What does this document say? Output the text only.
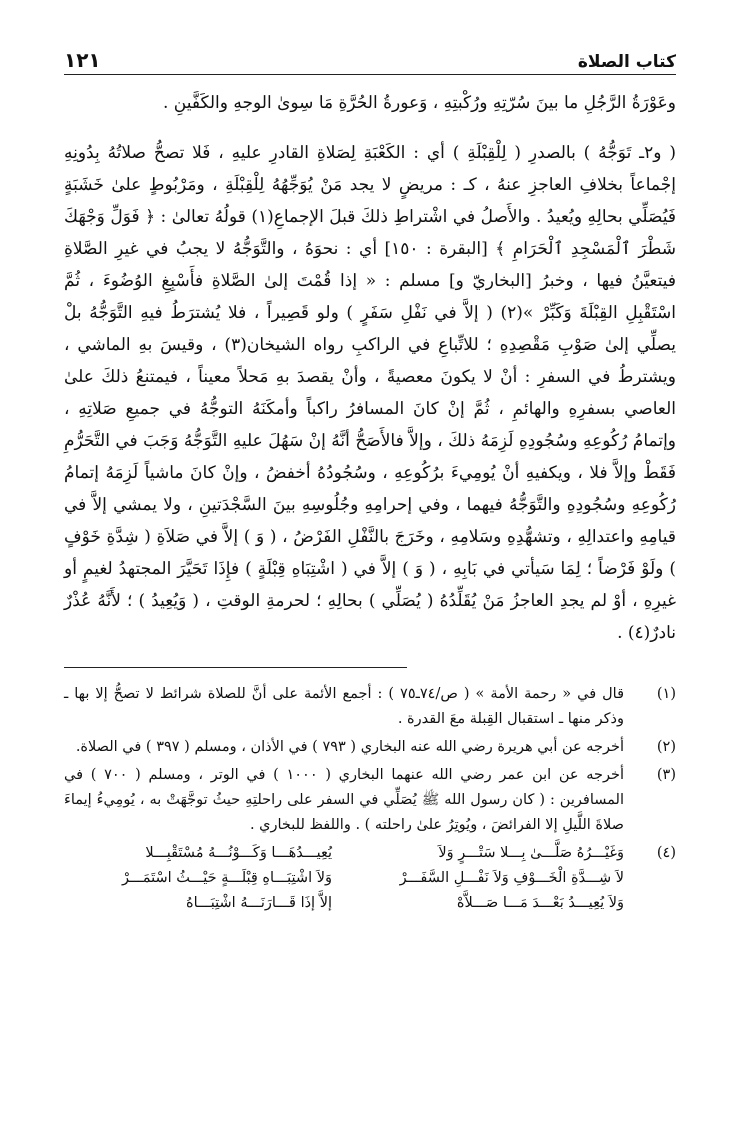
كتاب الصلاة
١٢١

وعَوْرَةُ الرَّجُلِ ما بينَ سُرّتِهِ ورُكْبتِهِ ، وَعورةُ الحُرَّةِ مَا سِوىٰ الوجهِ والكَفَّينِ .

( و٢ـ تَوَجُّهُ ) بالصدرِ ( لِلْقِبْلَةِ ) أي : الكَعْبَةِ لِصَلاةِ القادرِ عليهِ ، فَلا تصحُّ صلاتُهُ بِدُونِهِ إجْماعاً بخلافِ العاجزِ عنهُ ، كـ : مريضٍ لا يجد مَنْ يُوَجِّهُهُ لِلْقِبْلَةِ ، ومَرْبُوطٍ علىٰ خَشَبَةٍ فَيُصَلِّي بحالِهِ ويُعيدُ . والأَصلُ في اشْتراطِ ذلكَ قبلَ الإجماعِ(١) قولُهُ تعالىٰ : ﴿ فَوَلِّ وَجْهَكَ شَطْرَ ٱلْمَسْجِدِ ٱلْحَرَامِ ﴾ [البقرة : ١٥٠] أي : نحوَهُ ، والتَّوَجُّهُ لا يجبُ في غيرِ الصَّلاةِ فيتعيَّنُ فيها ، وخبرُ [البخاريّ و] مسلم : « إذا قُمْتَ إلىٰ الصَّلاةِ فأَسْبِغِ الوُضُوءَ ، ثُمَّ اسْتَقْبِلِ القِبْلَةَ وَكَبِّرْ »(٢) ( إلاَّ في نَفْلِ سَفَرٍ ) ولو قَصِيراً ، فلا يُشترَطُ فيهِ التَّوَجُّهُ بلْ يصلِّي إلىٰ صَوْبِ مَقْصِدِهِ ؛ للاتِّباعِ في الراكبِ رواه الشيخان(٣) ، وقيسَ بهِ الماشي ، ويشترطُ في السفرِ : أنْ لا يكونَ معصيةً ، وأنْ يقصدَ بهِ مَحلاً معيناً ، فيمتنعُ ذلكَ علىٰ العاصي بسفرِهِ والهائمِ ، ثُمَّ إنْ كانَ المسافرُ راكباً وأمكَنَهُ التوجُّهُ في جميعِ صَلاتِهِ ، وإتمامُ رُكُوعِهِ وسُجُودِهِ لَزِمَهُ ذلكَ ، وإلاَّ فالأَصَحُّ أنَّهُ إنْ سَهُلَ عليهِ التَّوَجُّهُ وَجَبَ في التَّحَرُّمِ فَقَطْ وإلاَّ فلا ، ويكفيهِ أنْ يُومِيءَ برُكُوعِهِ ، وسُجُودُهُ أخفضُ ، وإنْ كانَ ماشياً لَزِمَهُ إتمامُ رُكُوعِهِ وسُجُودِهِ والتَّوَجُّهُ فيهما ، وفي إحرامِهِ وجُلُوسِهِ بينَ السَّجْدَتينِ ، ولا يمشي إلاَّ في قيامِهِ واعتدالِهِ ، وتشهُّدِهِ وسَلامِهِ ، وخَرَجَ بالنَّفْلِ الفَرْضُ ، ( وَ ) إلاَّ في صَلاَةِ ( شِدَّةِ خَوْفٍ ) ولَوْ فَرْضاً ؛ لِمَا سَيأتي في بَابِهِ ، ( وَ ) إلاَّ في ( اشْتِبَاهِ قِبْلَةٍ ) فإِذَا تَحَيَّرَ المجتهدُ لغيمٍ أو غيرِهِ ، أوْ لم يجدِ العاجزُ مَنْ يُقَلِّدُهُ ( يُصَلِّي ) بحالِهِ ؛ لحرمةِ الوقتِ ، ( وَيُعِيدُ ) ؛ لأَنَّهُ عُذْرٌ نادرٌ(٤) .

(١)
قال في « رحمة الأمة » ( ص/٧٤ـ٧٥ ) : أجمع الأئمة على أنَّ للصلاة شرائط لا تصحُّ إلا بها ـ وذكر منها ـ استقبال القِبلة معَ القدرة .
(٢)
أخرجه عن أبي هريرة رضي الله عنه البخاري ( ٧٩٣ ) في الأذان ، ومسلم ( ٣٩٧ ) في الصلاة.
(٣)
أخرجه عن ابن عمر رضي الله عنهما البخاري ( ١٠٠٠ ) في الوتر ، ومسلم ( ٧٠٠ ) في المسافرين : ( كان رسول الله ﷺ يُصَلِّي في السفر على راحلتِهِ حيثُ توجَّهَتْ به ، يُومِيءُ إيماءَ صلاةَ اللَّيلِ إلا الفرائضَ ، ويُوتِرُ علىٰ راحلته ) . واللفظ للبخاري .
(٤)
وَغَيْـــرُهُ صَلَّـــىٰ بِـــلا سَتْـــرٍ وَلاَ
يُعِيـــدُهَـــا وَكَـــوْنُـــهُ مُسْتَقْبِـــلا
لاَ شِـــدَّةِ الْخَـــوْفِ وَلاَ نَفْـــلِ السَّفَـــرْ
وَلاَ اشْتِبَـــاهِ قِبْلَـــةٍ حَيْـــثُ اسْتَمَـــرْ
وَلاَ يُعِيـــدُ بَعْـــدَ مَـــا صَـــلاَّهْ
إلاَّ إذَا قَـــارَنَـــهُ اشْتِبَـــاهُ
